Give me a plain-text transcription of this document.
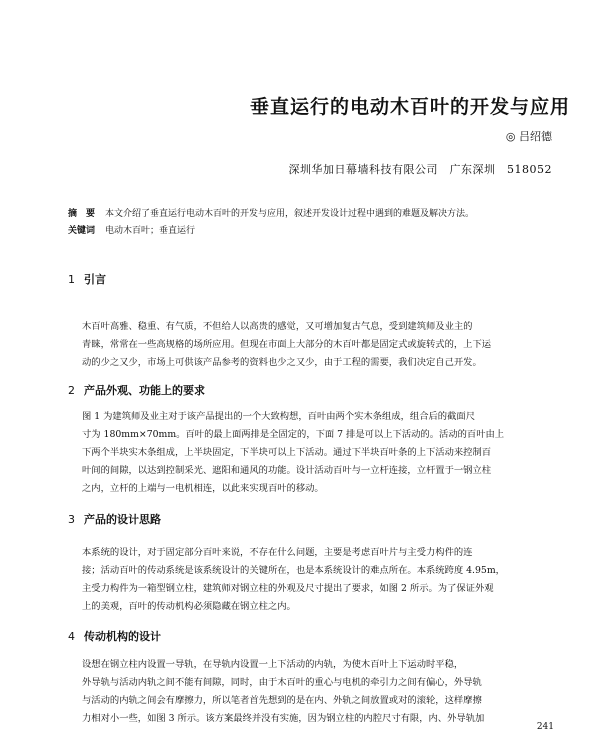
垂直运行的电动木百叶的开发与应用
◎ 吕绍德
深圳华加日幕墙科技有限公司　广东深圳　518052
摘　要 本文介绍了垂直运行电动木百叶的开发与应用，叙述开发设计过程中遇到的难题及解决方法。
关键词 电动木百叶；垂直运行
1 引言
木百叶高雅、稳重、有气质，不但给人以高贵的感觉，又可增加复古气息，受到建筑师及业主的
青睐，常常在一些高规格的场所应用。但现在市面上大部分的木百叶都是固定式或旋转式的，上下运
动的少之又少，市场上可供该产品参考的资料也少之又少，由于工程的需要，我们决定自己开发。
2 产品外观、功能上的要求
图 1 为建筑师及业主对于该产品提出的一个大致构想，百叶由两个实木条组成，组合后的截面尺
寸为 180mm×70mm。百叶的最上面两排是全固定的，下面 7 排是可以上下活动的。活动的百叶由上
下两个半块实木条组成，上半块固定，下半块可以上下活动。通过下半块百叶条的上下活动来控制百
叶间的间隙，以达到控制采光、遮阳和通风的功能。设计活动百叶与一立杆连接，立杆置于一钢立柱
之内，立杆的上端与一电机相连，以此来实现百叶的移动。
3 产品的设计思路
本系统的设计，对于固定部分百叶来说，不存在什么问题，主要是考虑百叶片与主受力构件的连
接；活动百叶的传动系统是该系统设计的关键所在，也是本系统设计的难点所在。本系统跨度 4.95m，
主受力构件为一箱型钢立柱，建筑师对钢立柱的外观及尺寸提出了要求，如图 2 所示。为了保证外观
上的美观，百叶的传动机构必须隐藏在钢立柱之内。
4 传动机构的设计
设想在钢立柱内设置一导轨，在导轨内设置一上下活动的内轨，为使木百叶上下运动时平稳，
外导轨与活动内轨之间不能有间隙，同时，由于木百叶的重心与电机的牵引力之间有偏心，外导轨
与活动的内轨之间会有摩擦力，所以笔者首先想到的是在内、外轨之间放置或对的滚轮，这样摩擦
力相对小一些，如图 3 所示。该方案最终并没有实施，因为钢立柱的内腔尺寸有限，内、外导轨加
241
